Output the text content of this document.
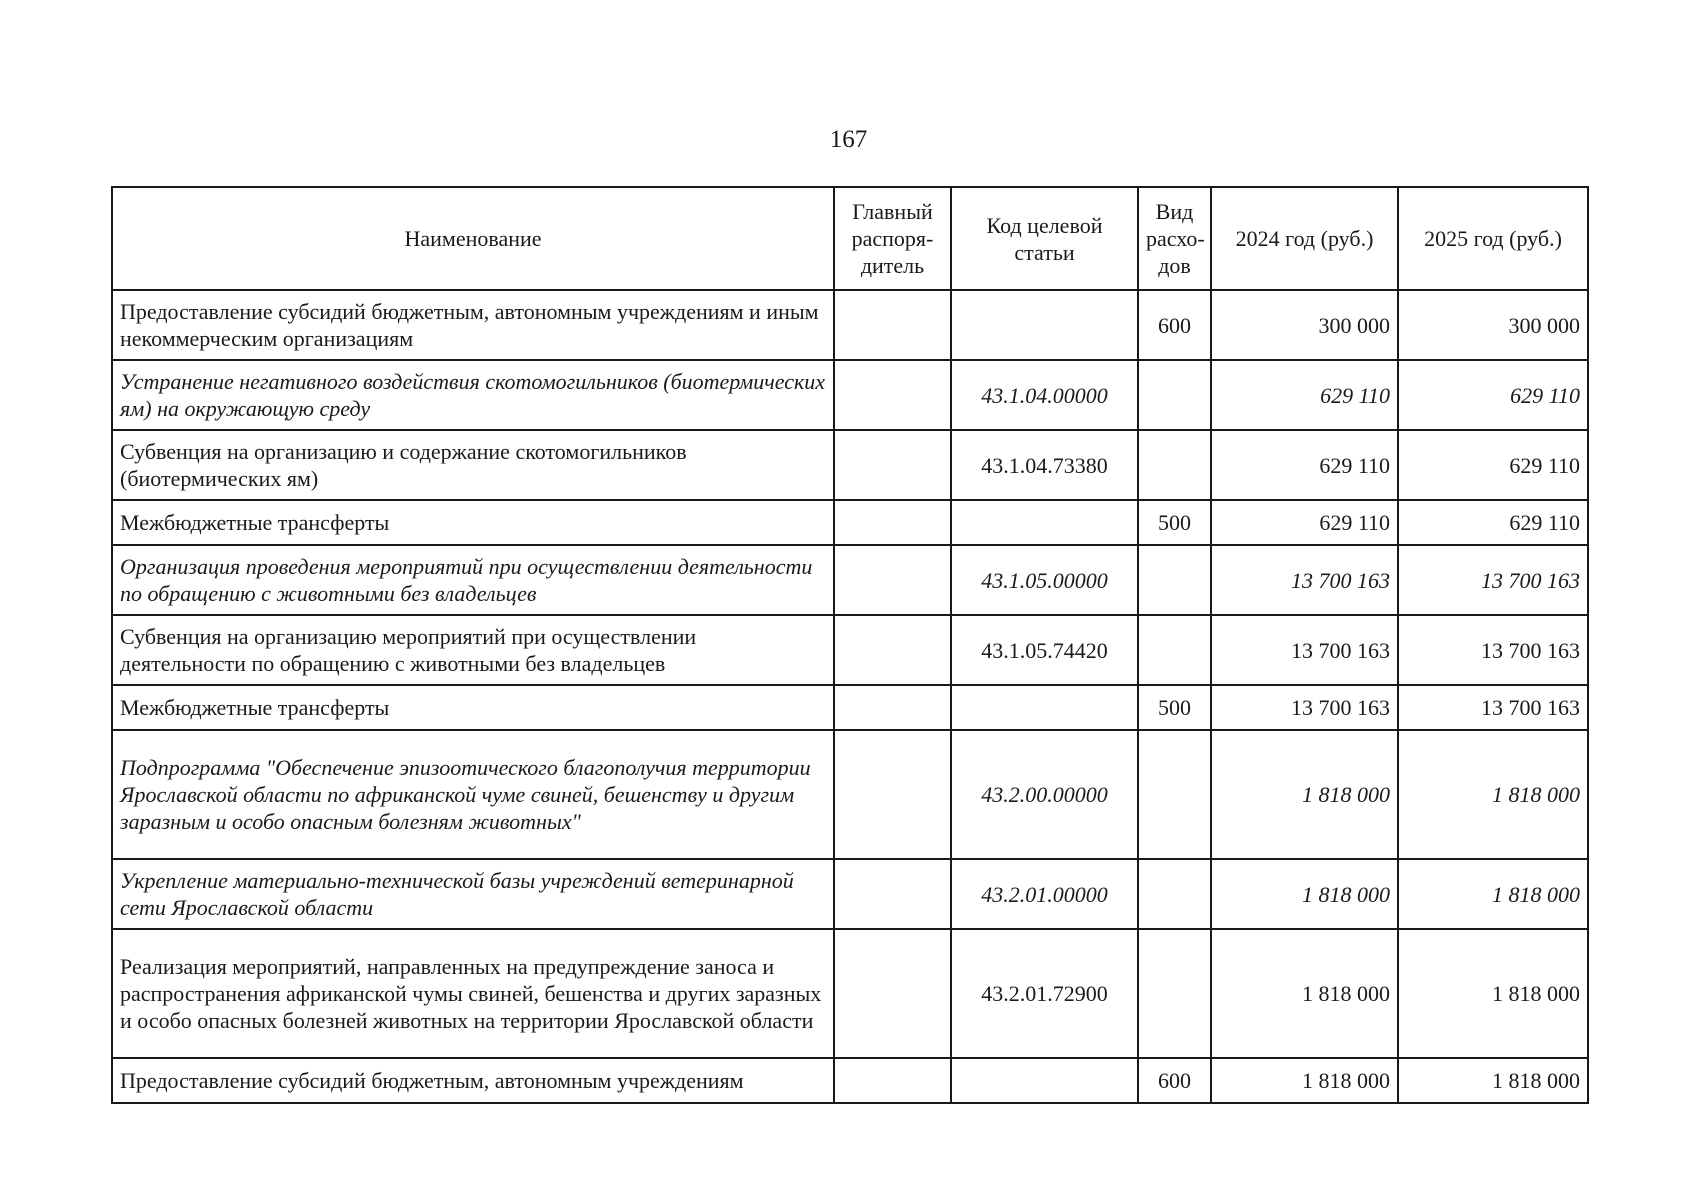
167
Наименование	Главный распоря-дитель	Код целевой статьи	Вид расхо-дов	2024 год (руб.)	2025 год (руб.)
Предоставление субсидий бюджетным, автономным учреждениям и иным некоммерческим организациям			600	300 000	300 000
Устранение негативного воздействия скотомогильников (биотермических ям) на окружающую среду		43.1.04.00000		629 110	629 110
Субвенция на организацию и содержание скотомогильников (биотермических ям)		43.1.04.73380		629 110	629 110
Межбюджетные трансферты			500	629 110	629 110
Организация проведения мероприятий при осуществлении деятельности по обращению с животными без владельцев		43.1.05.00000		13 700 163	13 700 163
Субвенция на организацию мероприятий при осуществлении деятельности по обращению с животными без владельцев		43.1.05.74420		13 700 163	13 700 163
Межбюджетные трансферты			500	13 700 163	13 700 163
Подпрограмма "Обеспечение эпизоотического благополучия территории Ярославской области по африканской чуме свиней, бешенству и другим заразным и особо опасным болезням животных"		43.2.00.00000		1 818 000	1 818 000
Укрепление материально-технической базы учреждений ветеринарной сети Ярославской области		43.2.01.00000		1 818 000	1 818 000
Реализация мероприятий, направленных на предупреждение заноса и распространения африканской чумы свиней, бешенства и других заразных и особо опасных болезней животных на территории Ярославской области		43.2.01.72900		1 818 000	1 818 000
Предоставление субсидий бюджетным, автономным учреждениям			600	1 818 000	1 818 000
